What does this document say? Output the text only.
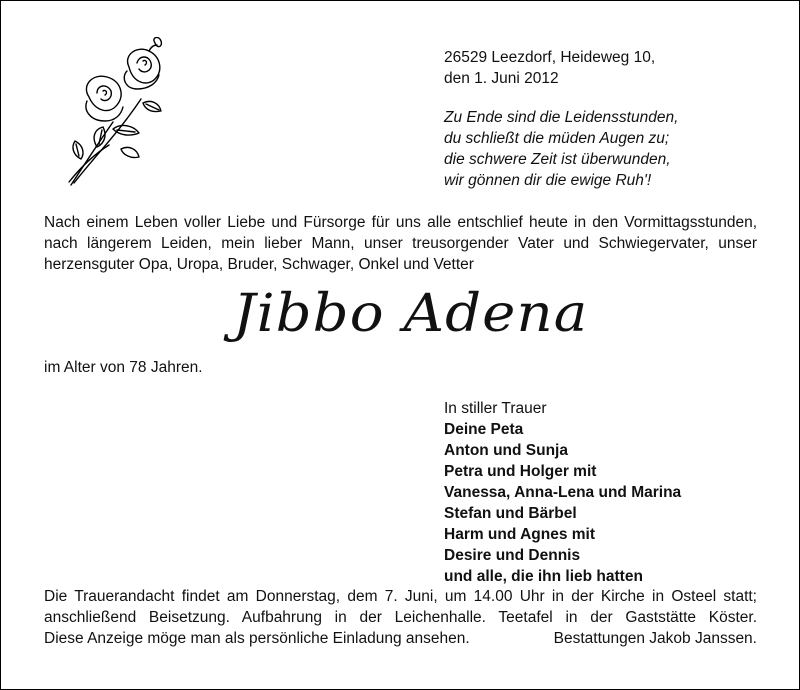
26529 Leezdorf, Heideweg 10,
den 1. Juni 2012
Zu Ende sind die Leidensstunden,
du schließt die müden Augen zu;
die schwere Zeit ist überwunden,
wir gönnen dir die ewige Ruh'!
Nach einem Leben voller Liebe und Fürsorge für uns alle entschlief heute in den Vormittagsstunden,
nach längerem Leiden, mein lieber Mann, unser treusorgender Vater und Schwiegervater, unser
herzensguter Opa, Uropa, Bruder, Schwager, Onkel und Vetter
Jibbo Adena
im Alter von 78 Jahren.
In stiller Trauer
Deine Peta
Anton und Sunja
Petra und Holger mit
Vanessa, Anna-Lena und Marina
Stefan und Bärbel
Harm und Agnes mit
Desire und Dennis
und alle, die ihn lieb hatten
Die Trauerandacht findet am Donnerstag, dem 7. Juni, um 14.00 Uhr in der Kirche in Osteel statt;
anschließend Beisetzung. Aufbahrung in der Leichenhalle. Teetafel in der Gaststätte Köster.
Diese Anzeige möge man als persönliche Einladung ansehen.	Bestattungen Jakob Janssen.
